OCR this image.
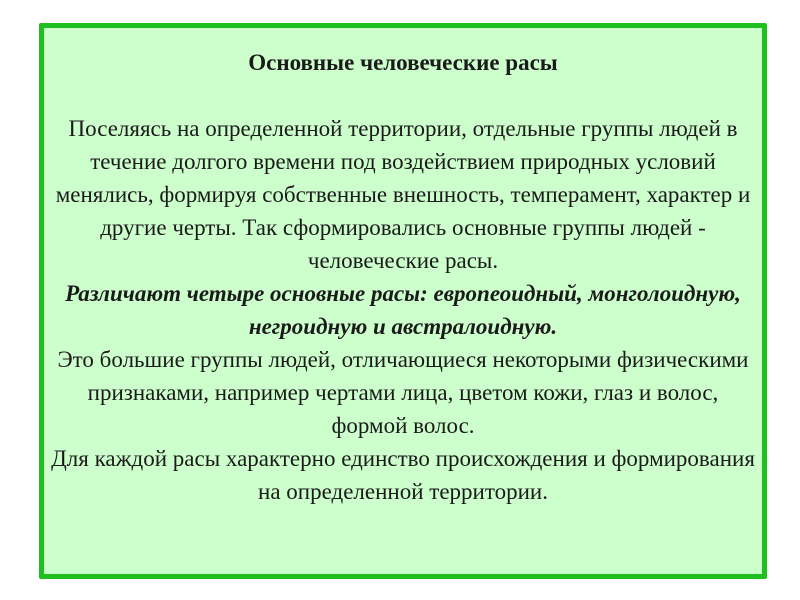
Основные человеческие расы
Поселяясь на определенной территории, отдельные группы людей в течение долгого времени под воздействием природных условий менялись, формируя собственные внешность, темперамент, характер и другие черты. Так сформировались основные группы людей - человеческие расы.
Различают четыре основные расы: европеоидный, монголоидную, негроидную и австралоидную.
Это большие группы людей, отличающиеся некоторыми физическими признаками, например чертами лица, цветом кожи, глаз и волос, формой волос.
Для каждой расы характерно единство происхождения и формирования на определенной территории.
